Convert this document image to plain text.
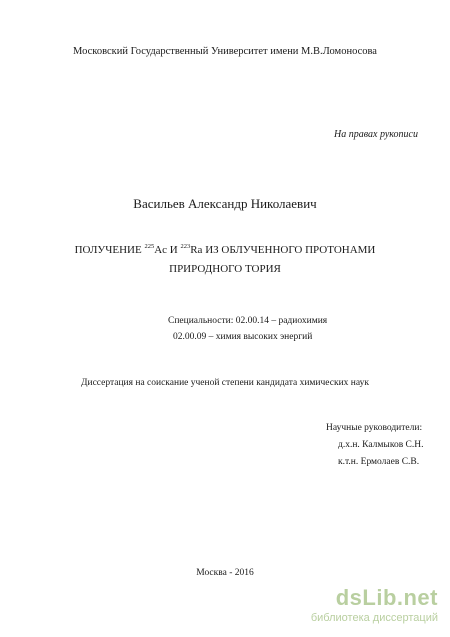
Московский Государственный Университет имени М.В.Ломоносова
На правах рукописи
Васильев Александр Николаевич
ПОЛУЧЕНИЕ $^{225}$Ac И $^{223}$Ra ИЗ ОБЛУЧЕННОГО ПРОТОНАМИ
ПРИРОДНОГО ТОРИЯ
Специальности: 02.00.14 – радиохимия
02.00.09 – химия высоких энергий
Диссертация на соискание ученой степени кандидата химических наук
Научные руководители:
д.х.н. Калмыков С.Н.
к.т.н. Ермолаев С.В.
Москва - 2016
dsLib.net
библиотека диссертаций
